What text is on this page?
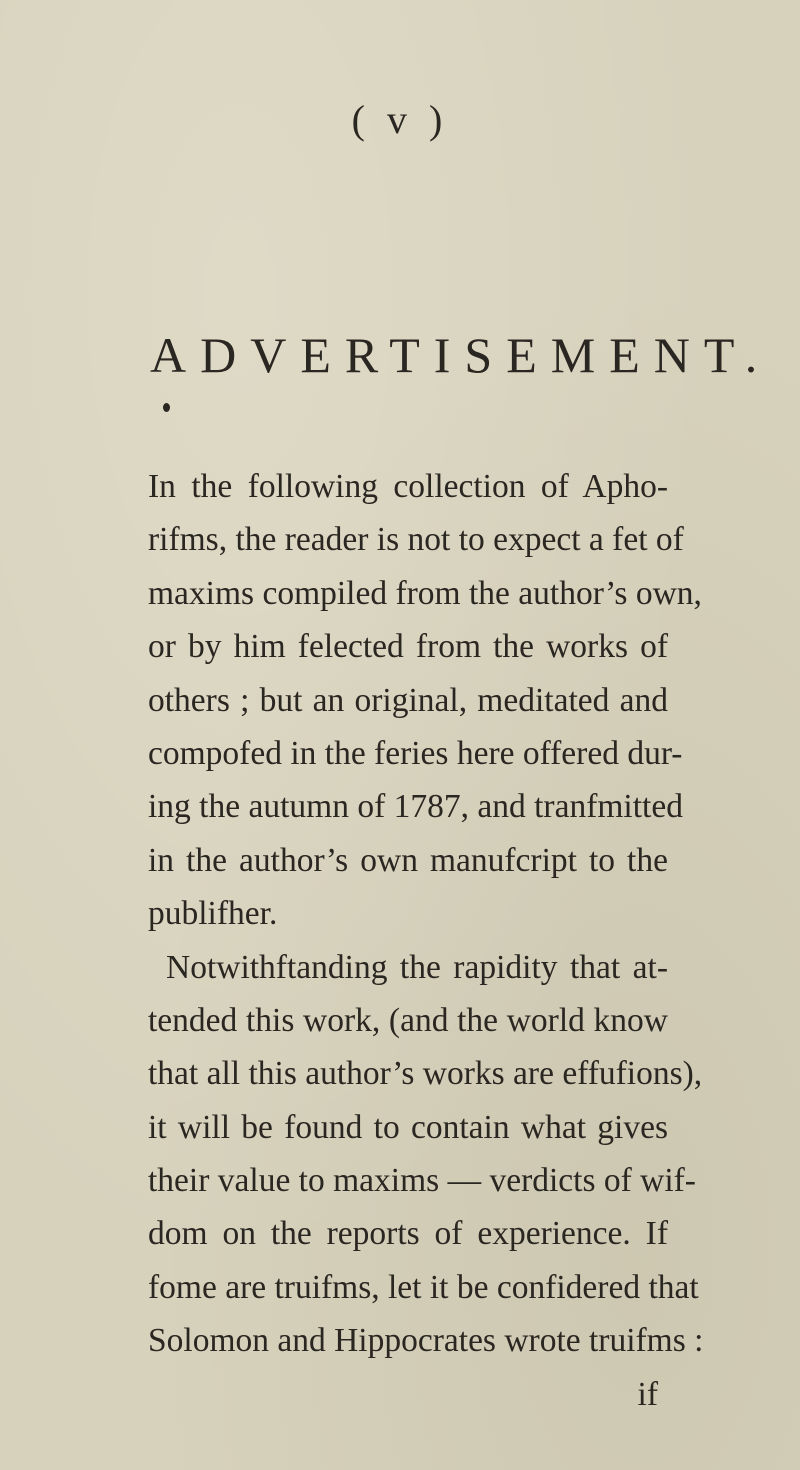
( v )
ADVERTISEMENT.
In the following collection of Apho-
rifms, the reader is not to expect a fet of
maxims compiled from the author’s own,
or by him felected from the works of
others ; but an original, meditated and
compofed in the feries here offered dur-
ing the autumn of 1787, and tranfmitted
in the author’s own manufcript to the
publifher.
Notwithftanding the rapidity that at-
tended this work, (and the world know
that all this author’s works are effufions),
it will be found to contain what gives
their value to maxims — verdicts of wif-
dom on the reports of experience. If
fome are truifms, let it be confidered that
Solomon and Hippocrates wrote truifms :
if
